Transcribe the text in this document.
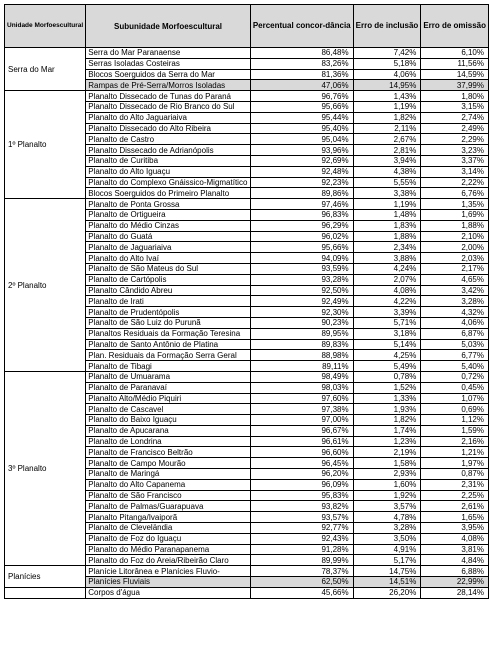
Unidade Morfoescultural	Subunidade Morfoescultural	Percentual concor-dância	Erro de inclusão	Erro de omissão
Serra do Mar	Serra do Mar Paranaense	86,48%	7,42%	6,10%
	Serras Isoladas Costeiras	83,26%	5,18%	11,56%
	Blocos Soerguidos da Serra do Mar	81,36%	4,06%	14,59%
	Rampas de Pré-Serra/Morros Isoladas	47,06%	14,95%	37,99%
1º Planalto	Planalto Dissecado de Tunas do Paraná	96,76%	1,43%	1,80%
	Planalto Dissecado de Rio Branco do Sul	95,66%	1,19%	3,15%
	Planalto do Alto Jaguariaiva	95,44%	1,82%	2,74%
	Planalto Dissecado do Alto Ribeira	95,40%	2,11%	2,49%
	Planalto de Castro	95,04%	2,67%	2,29%
	Planalto Dissecado de Adrianópolis	93,96%	2,81%	3,23%
	Planalto de Curitiba	92,69%	3,94%	3,37%
	Planalto do Alto Iguaçu	92,48%	4,38%	3,14%
	Planalto do Complexo Gnáissico-Migmatítico	92,23%	5,55%	2,22%
	Blocos Soerguidos do Primeiro Planalto	89,86%	3,38%	6,76%
2º Planalto	Planalto de Ponta Grossa	97,46%	1,19%	1,35%
	Planalto de Ortigueira	96,83%	1,48%	1,69%
	Planalto do Médio Cinzas	96,29%	1,83%	1,88%
	Planalto do Guatá	96,02%	1,88%	2,10%
	Planalto de Jaguariaiva	95,66%	2,34%	2,00%
	Planalto do Alto Ivaí	94,09%	3,88%	2,03%
	Planalto de São Mateus do Sul	93,59%	4,24%	2,17%
	Planalto de Cartópolis	93,28%	2,07%	4,65%
	Planalto Cândido Abreu	92,50%	4,08%	3,42%
	Planalto de Irati	92,49%	4,22%	3,28%
	Planalto de Prudentópolis	92,30%	3,39%	4,32%
	Planalto de São Luiz do Purunã	90,23%	5,71%	4,06%
	Planaltos Residuais da Formação Teresina	89,95%	3,18%	6,87%
	Planalto de Santo Antônio de Platina	89,83%	5,14%	5,03%
	Plan. Residuais da Formação Serra Geral	88,98%	4,25%	6,77%
	Planalto de Tibagi	89,11%	5,49%	5,40%
3º Planalto	Planalto de Umuarama	98,49%	0,78%	0,72%
	Planalto de Paranavaí	98,03%	1,52%	0,45%
	Planalto Alto/Médio Piquiri	97,60%	1,33%	1,07%
	Planalto de Cascavel	97,38%	1,93%	0,69%
	Planalto do Baixo Iguaçu	97,00%	1,82%	1,12%
	Planalto de Apucarana	96,67%	1,74%	1,59%
	Planalto de Londrina	96,61%	1,23%	2,16%
	Planalto de Francisco Beltrão	96,60%	2,19%	1,21%
	Planalto de Campo Mourão	96,45%	1,58%	1,97%
	Planalto de Maringá	96,20%	2,93%	0,87%
	Planalto do Alto Capanema	96,09%	1,60%	2,31%
	Planalto de São Francisco	95,83%	1,92%	2,25%
	Planalto de Palmas/Guarapuava	93,82%	3,57%	2,61%
	Planalto Pitanga/Ivaiporã	93,57%	4,78%	1,65%
	Planalto de Cleveländia	92,77%	3,28%	3,95%
	Planalto de Foz do Iguaçu	92,43%	3,50%	4,08%
	Planalto do Médio Paranapanema	91,28%	4,91%	3,81%
	Planalto do Foz do Areia/Ribeirão Claro	89,99%	5,17%	4,84%
Planícies	Planície Litorânea e Planícies Fluvio-	78,37%	14,75%	6,88%
	Planícies Fluviais	62,50%	14,51%	22,99%
	Corpos d'água	45,66%	26,20%	28,14%
